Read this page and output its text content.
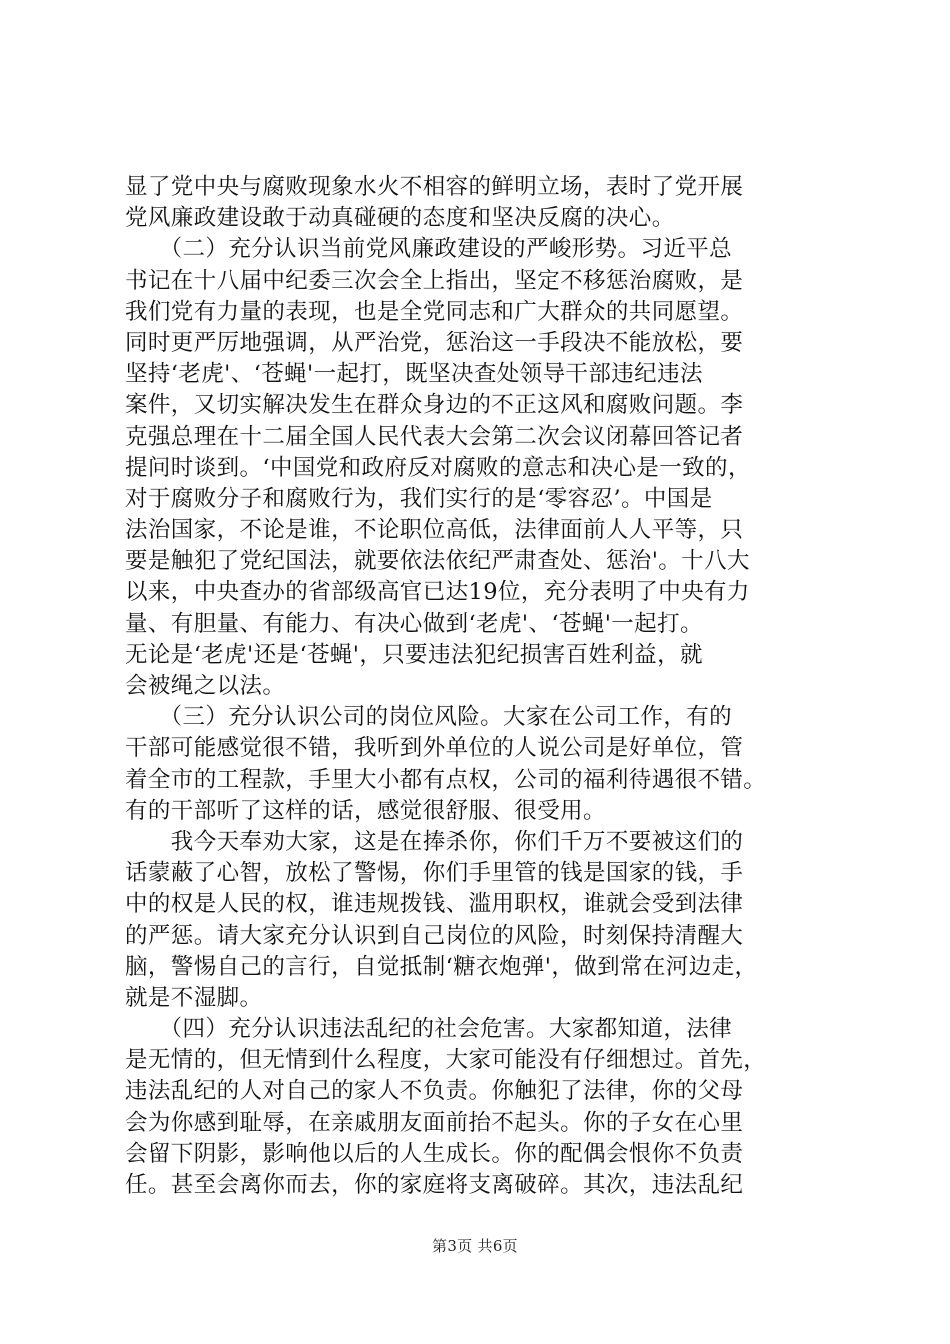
显了党中央与腐败现象水火不相容的鲜明立场，表时了党开展
党风廉政建设敢于动真碰硬的态度和坚决反腐的决心。
　　（二）充分认识当前党风廉政建设的严峻形势。习近平总
书记在十八届中纪委三次会全上指出，坚定不移惩治腐败，是
我们党有力量的表现，也是全党同志和广大群众的共同愿望。
同时更严厉地强调，从严治党，惩治这一手段决不能放松，要
坚持‘老虎'、‘苍蝇'一起打，既坚决查处领导干部违纪违法
案件，又切实解决发生在群众身边的不正这风和腐败问题。李
克强总理在十二届全国人民代表大会第二次会议闭幕回答记者
提问时谈到。‘中国党和政府反对腐败的意志和决心是一致的，
对于腐败分子和腐败行为，我们实行的是‘零容忍’。中国是
法治国家，不论是谁，不论职位高低，法律面前人人平等，只
要是触犯了党纪国法，就要依法依纪严肃查处、惩治'。十八大
以来，中央查办的省部级高官已达19位，充分表明了中央有力
量、有胆量、有能力、有决心做到‘老虎'、‘苍蝇'一起打。
无论是‘老虎'还是‘苍蝇'，只要违法犯纪损害百姓利益，就
会被绳之以法。
　　（三）充分认识公司的岗位风险。大家在公司工作，有的
干部可能感觉很不错，我听到外单位的人说公司是好单位，管
着全市的工程款，手里大小都有点权，公司的福利待遇很不错。
有的干部听了这样的话，感觉很舒服、很受用。
　　我今天奉劝大家，这是在捧杀你，你们千万不要被这们的
话蒙蔽了心智，放松了警惕，你们手里管的钱是国家的钱，手
中的权是人民的权，谁违规拨钱、滥用职权，谁就会受到法律
的严惩。请大家充分认识到自己岗位的风险，时刻保持清醒大
脑，警惕自己的言行，自觉抵制‘糖衣炮弹'，做到常在河边走，
就是不湿脚。
　　（四）充分认识违法乱纪的社会危害。大家都知道，法律
是无情的，但无情到什么程度，大家可能没有仔细想过。首先，
违法乱纪的人对自己的家人不负责。你触犯了法律，你的父母
会为你感到耻辱，在亲戚朋友面前抬不起头。你的子女在心里
会留下阴影，影响他以后的人生成长。你的配偶会恨你不负责
任。甚至会离你而去，你的家庭将支离破碎。其次，违法乱纪
第3页 共6页
